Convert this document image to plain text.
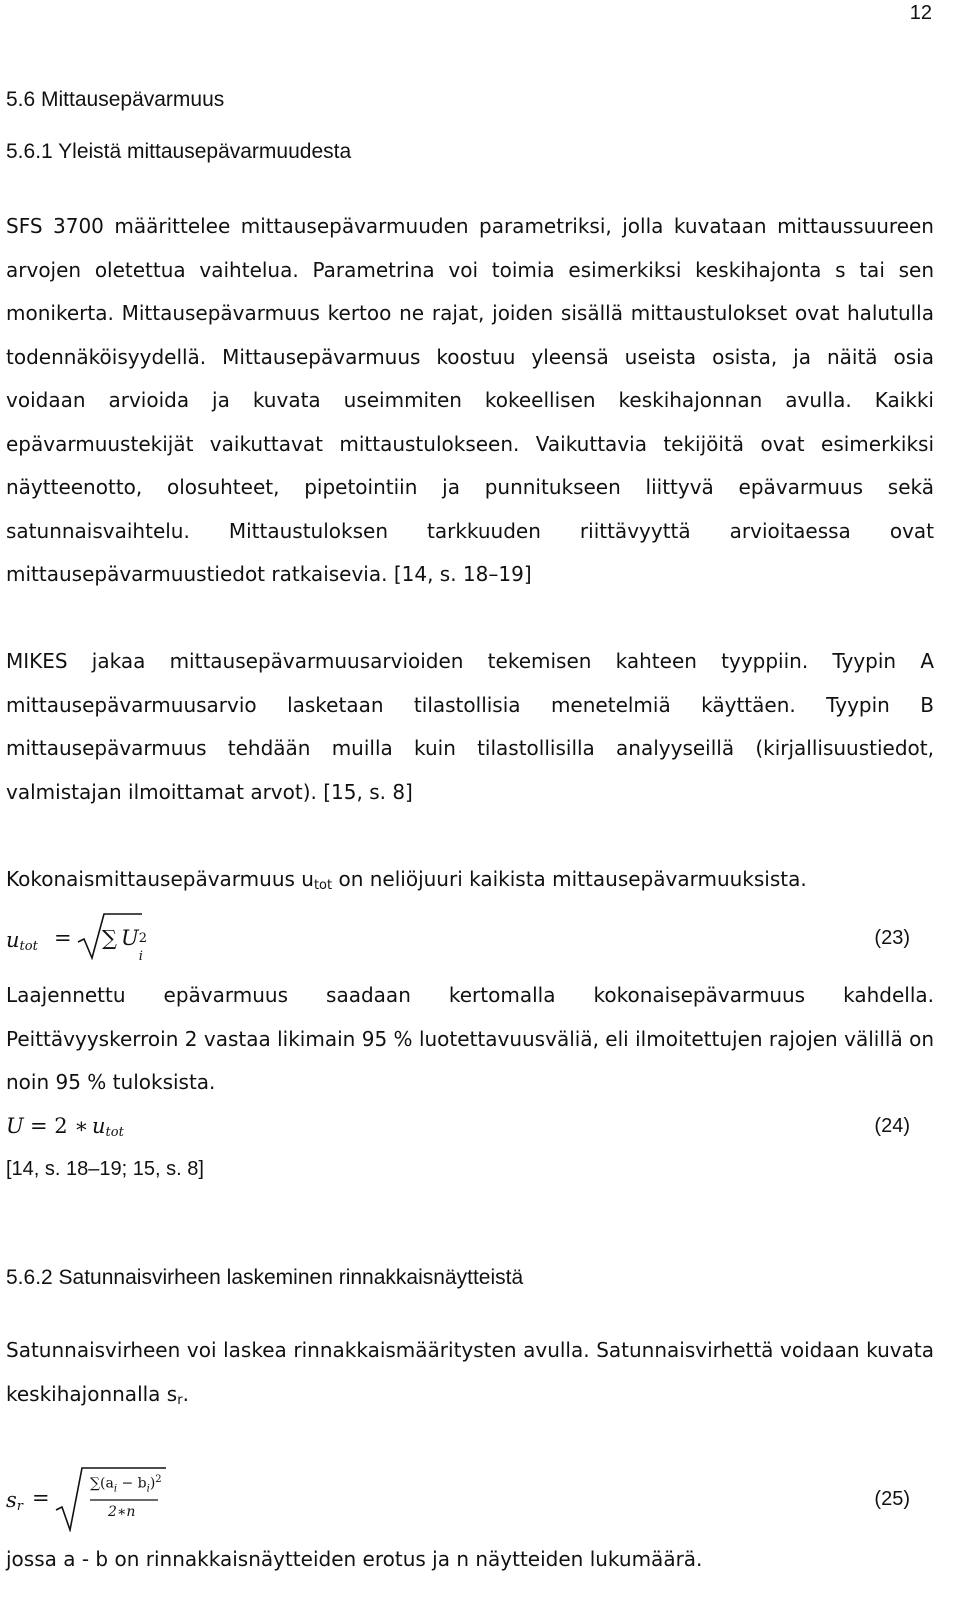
12
5.6 Mittausepävarmuus
5.6.1 Yleistä mittausepävarmuudesta
SFS 3700 määrittelee mittausepävarmuuden parametriksi, jolla kuvataan mittaussuureen arvojen oletettua vaihtelua. Parametrina voi toimia esimerkiksi keskihajonta s tai sen monikerta. Mittausepävarmuus kertoo ne rajat, joiden sisällä mittaustulokset ovat halutulla todennäköisyydellä. Mittausepävarmuus koostuu yleensä useista osista, ja näitä osia voidaan arvioida ja kuvata useimmiten kokeellisen keskihajonnan avulla. Kaikki epävarmuustekijät vaikuttavat mittaustulokseen. Vaikuttavia tekijöitä ovat esimerkiksi näytteenotto, olosuhteet, pipetointiin ja punnitukseen liittyvä epävarmuus sekä satunnaisvaihtelu. Mittaustuloksen tarkkuuden riittävyyttä arvioitaessa ovat mittausepävarmuustiedot ratkaisevia. [14, s. 18–19]
MIKES jakaa mittausepävarmuusarvioiden tekemisen kahteen tyyppiin. Tyypin A mittausepävarmuusarvio lasketaan tilastollisia menetelmiä käyttäen. Tyypin B mittausepävarmuus tehdään muilla kuin tilastollisilla analyyseillä (kirjallisuustiedot, valmistajan ilmoittamat arvot). [15, s. 8]
Kokonaismittausepävarmuus $u_{tot}$ on neliöjuuri kaikista mittausepävarmuuksista.
$u_{tot}$ = ∑ U 2
i
(23)
Laajennettu epävarmuus saadaan kertomalla kokonaisepävarmuus kahdella. Peittävyyskerroin 2 vastaa likimain 95 % luotettavuusväliä, eli ilmoitettujen rajojen välillä on noin 95 % tuloksista.
U = 2 ∗ $u_{tot}$	(24)
[14, s. 18–19; 15, s. 8]
5.6.2 Satunnaisvirheen laskeminen rinnakkaisnäytteistä
Satunnaisvirheen voi laskea rinnakkaismääritysten avulla. Satunnaisvirhettä voidaan kuvata keskihajonnalla $s_r$.
$s_r$ =
$\sum(a_i - b_i)^2$
2∗n
(25)
jossa a - b on rinnakkaisnäytteiden erotus ja n näytteiden lukumäärä.
